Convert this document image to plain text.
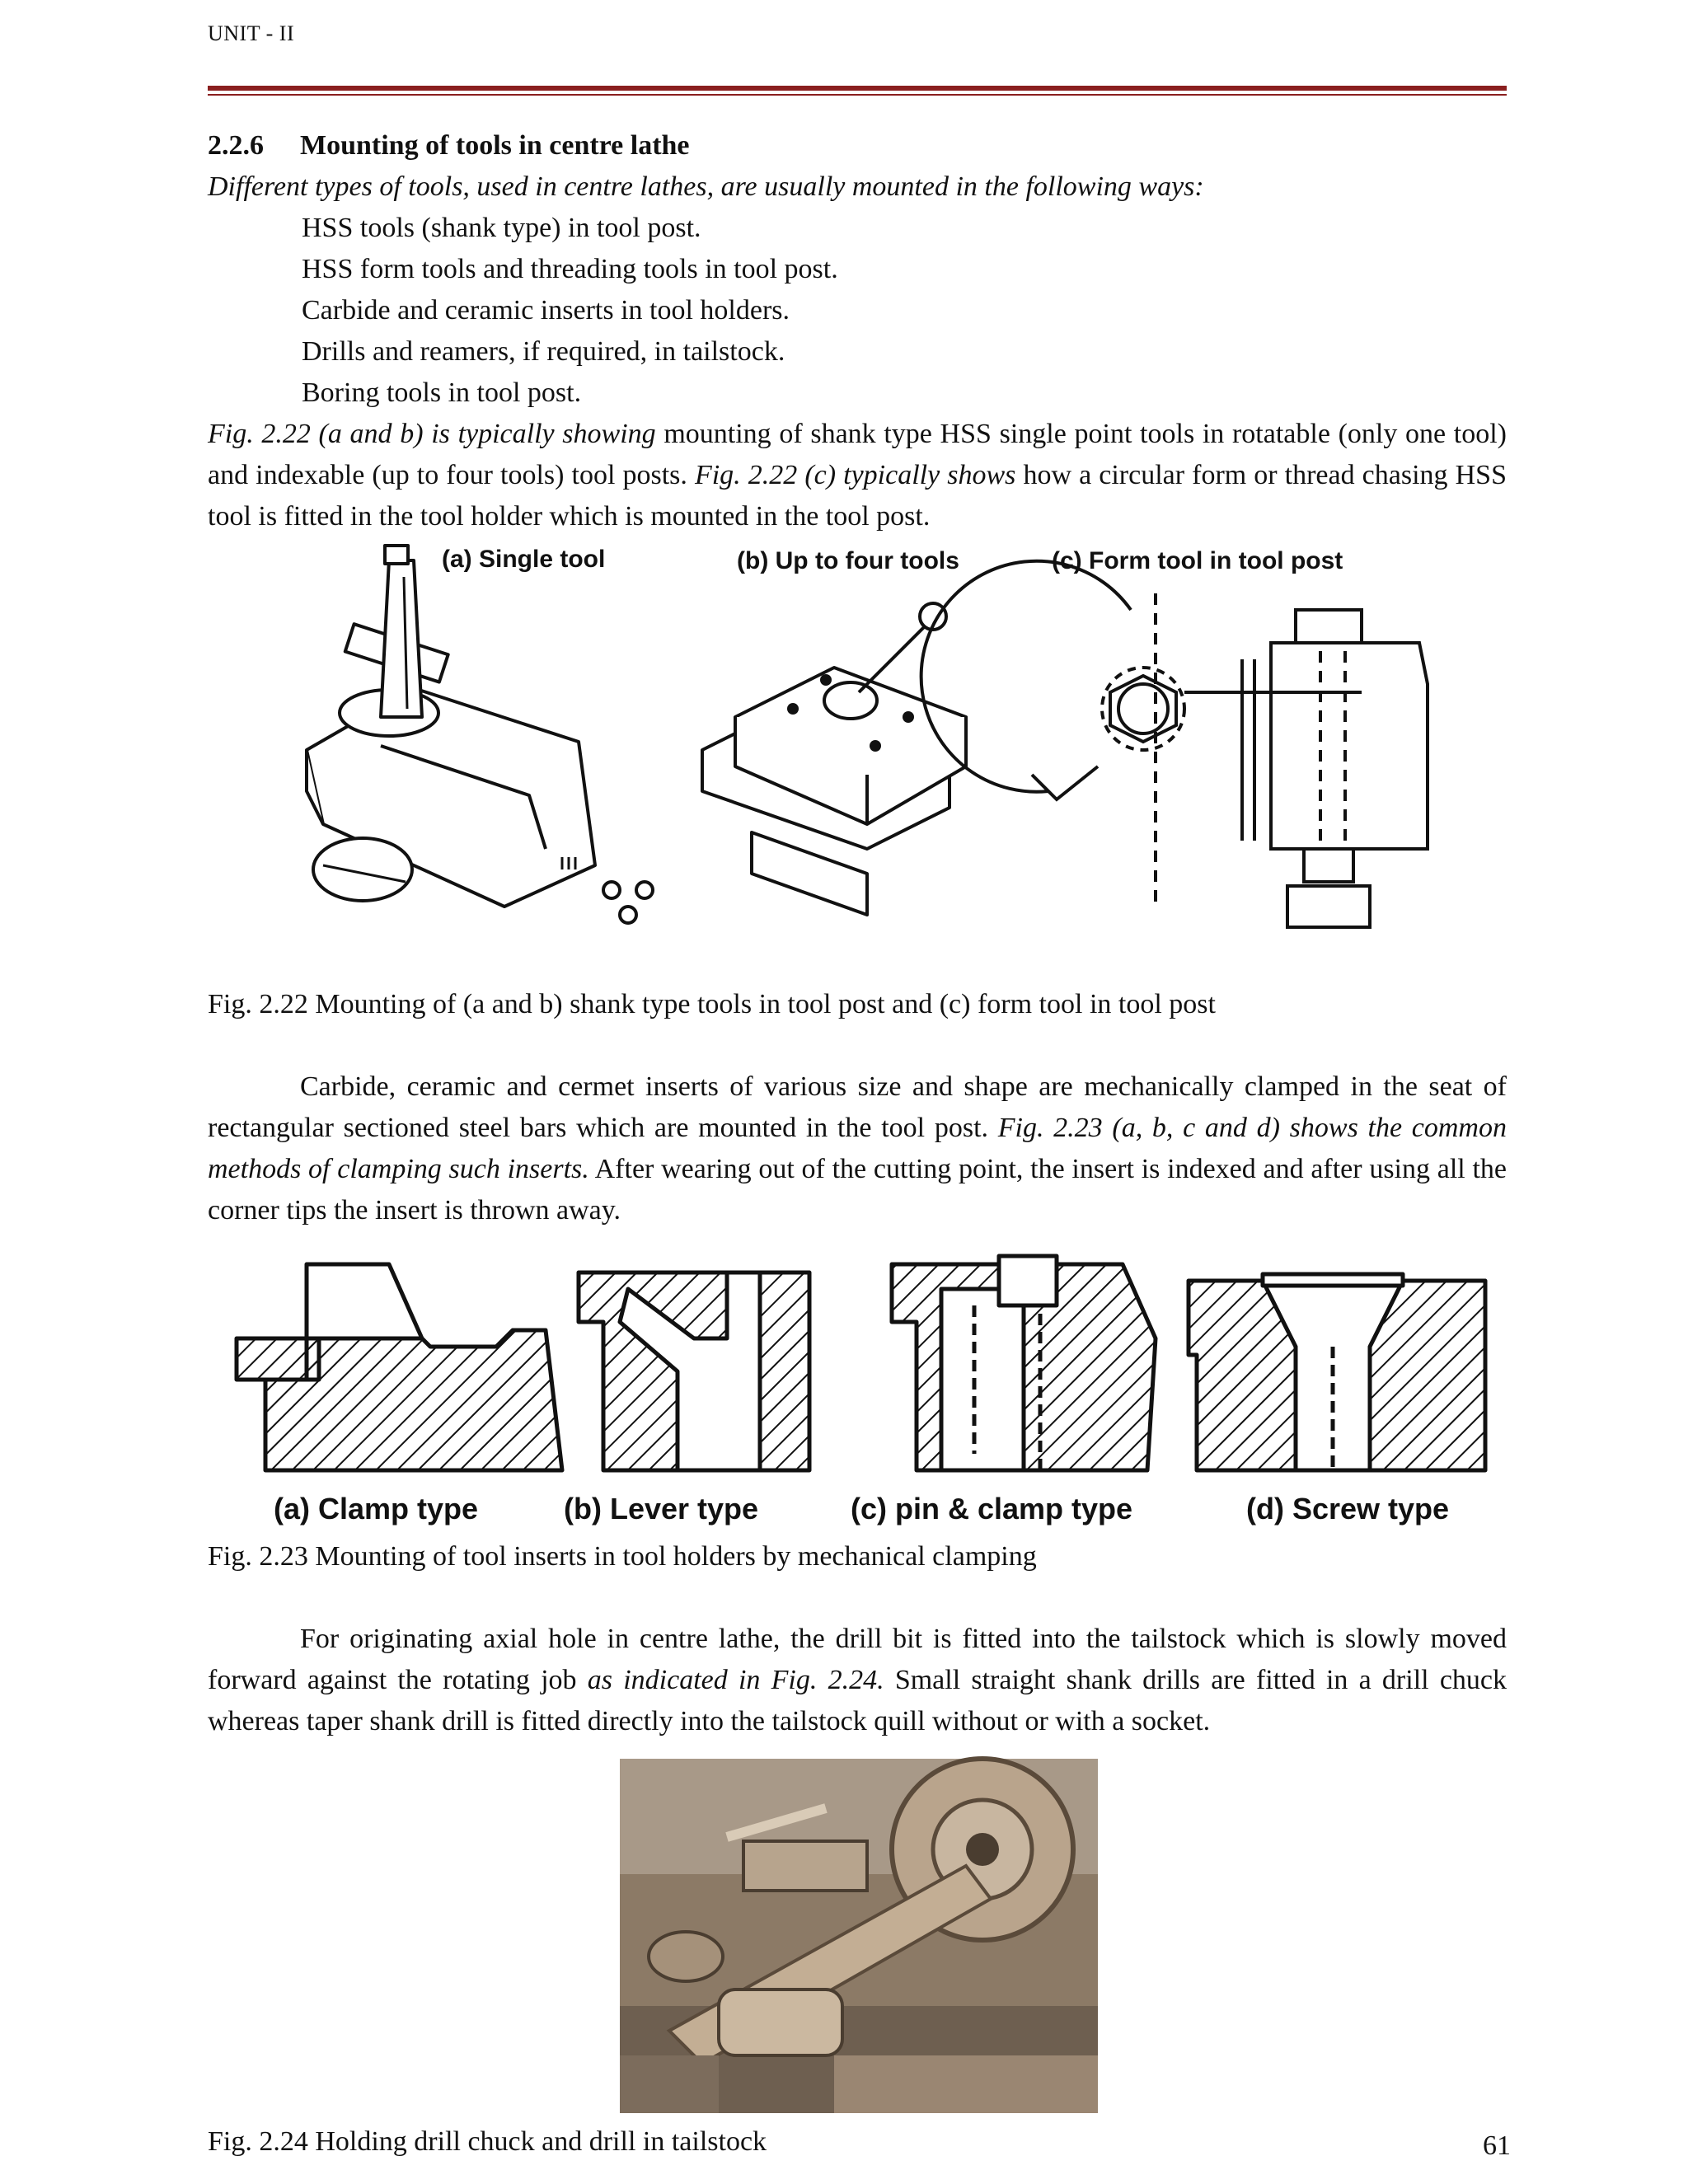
UNIT - II

2.2.6 Mounting of tools in centre lathe

Different types of tools, used in centre lathes, are usually mounted in the following ways:

HSS tools (shank type) in tool post.
HSS form tools and threading tools in tool post.
Carbide and ceramic inserts in tool holders.
Drills and reamers, if required, in tailstock.
Boring tools in tool post.

Fig. 2.22 (a and b) is typically showing mounting of shank type HSS single point tools in rotatable (only one tool) and indexable (up to four tools) tool posts. Fig. 2.22 (c) typically shows how a circular form or thread chasing HSS tool is fitted in the tool holder which is mounted in the tool post.

(a) Single tool	(b) Up to four tools	(c) Form tool in tool post

Fig. 2.22 Mounting of (a and b) shank type tools in tool post and (c) form tool in tool post

Carbide, ceramic and cermet inserts of various size and shape are mechanically clamped in the seat of rectangular sectioned steel bars which are mounted in the tool post. Fig. 2.23 (a, b, c and d) shows the common methods of clamping such inserts. After wearing out of the cutting point, the insert is indexed and after using all the corner tips the insert is thrown away.

(a) Clamp type	(b) Lever type	(c) pin & clamp type	(d) Screw type

Fig. 2.23 Mounting of tool inserts in tool holders by mechanical clamping

For originating axial hole in centre lathe, the drill bit is fitted into the tailstock which is slowly moved forward against the rotating job as indicated in Fig. 2.24. Small straight shank drills are fitted in a drill chuck whereas taper shank drill is fitted directly into the tailstock quill without or with a socket.

Fig. 2.24 Holding drill chuck and drill in tailstock	61
